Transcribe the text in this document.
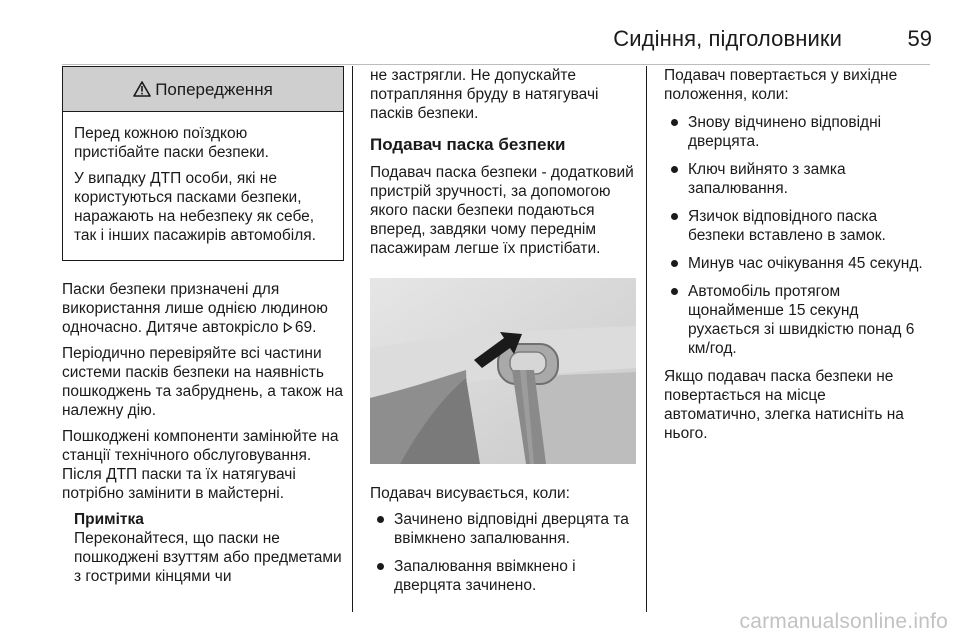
Сидіння, підголовники	59
Попередження

Перед кожною поїздкою пристібайте паски безпеки.

У випадку ДТП особи, які не користуються пасками безпеки, наражають на небезпеку як себе, так і інших пасажирів автомобіля.

Паски безпеки призначені для використання лише однією людиною одночасно. Дитяче автокрісло 69.

Періодично перевіряйте всі частини системи пасків безпеки на наявність пошкоджень та забруднень, а також на належну дію.

Пошкоджені компоненти замінюйте на станції технічного обслуговування. Після ДТП паски та їх натягувачі потрібно замінити в майстерні.

Примітка
Переконайтеся, що паски не пошкоджені взуттям або предметами з гострими кінцями чи

не застрягли. Не допускайте потрапляння бруду в натягувачі пасків безпеки.

Подавач паска безпеки

Подавач паска безпеки - додатковий пристрій зручності, за допомогою якого паски безпеки подаються вперед, завдяки чому переднім пасажирам легше їх пристібати.

Подавач висувається, коли:

Зачинено відповідні дверцята та ввімкнено запалювання.
Запалювання ввімкнено і дверцята зачинено.

Подавач повертається у вихідне положення, коли:

Знову відчинено відповідні дверцята.
Ключ вийнято з замка запалювання.
Язичок відповідного паска безпеки вставлено в замок.
Минув час очікування 45 секунд.
Автомобіль протягом щонайменше 15 секунд рухається зі швидкістю понад 6 км/год.

Якщо подавач паска безпеки не повертається на місце автоматично, злегка натисніть на нього.

carmanualsonline.info
